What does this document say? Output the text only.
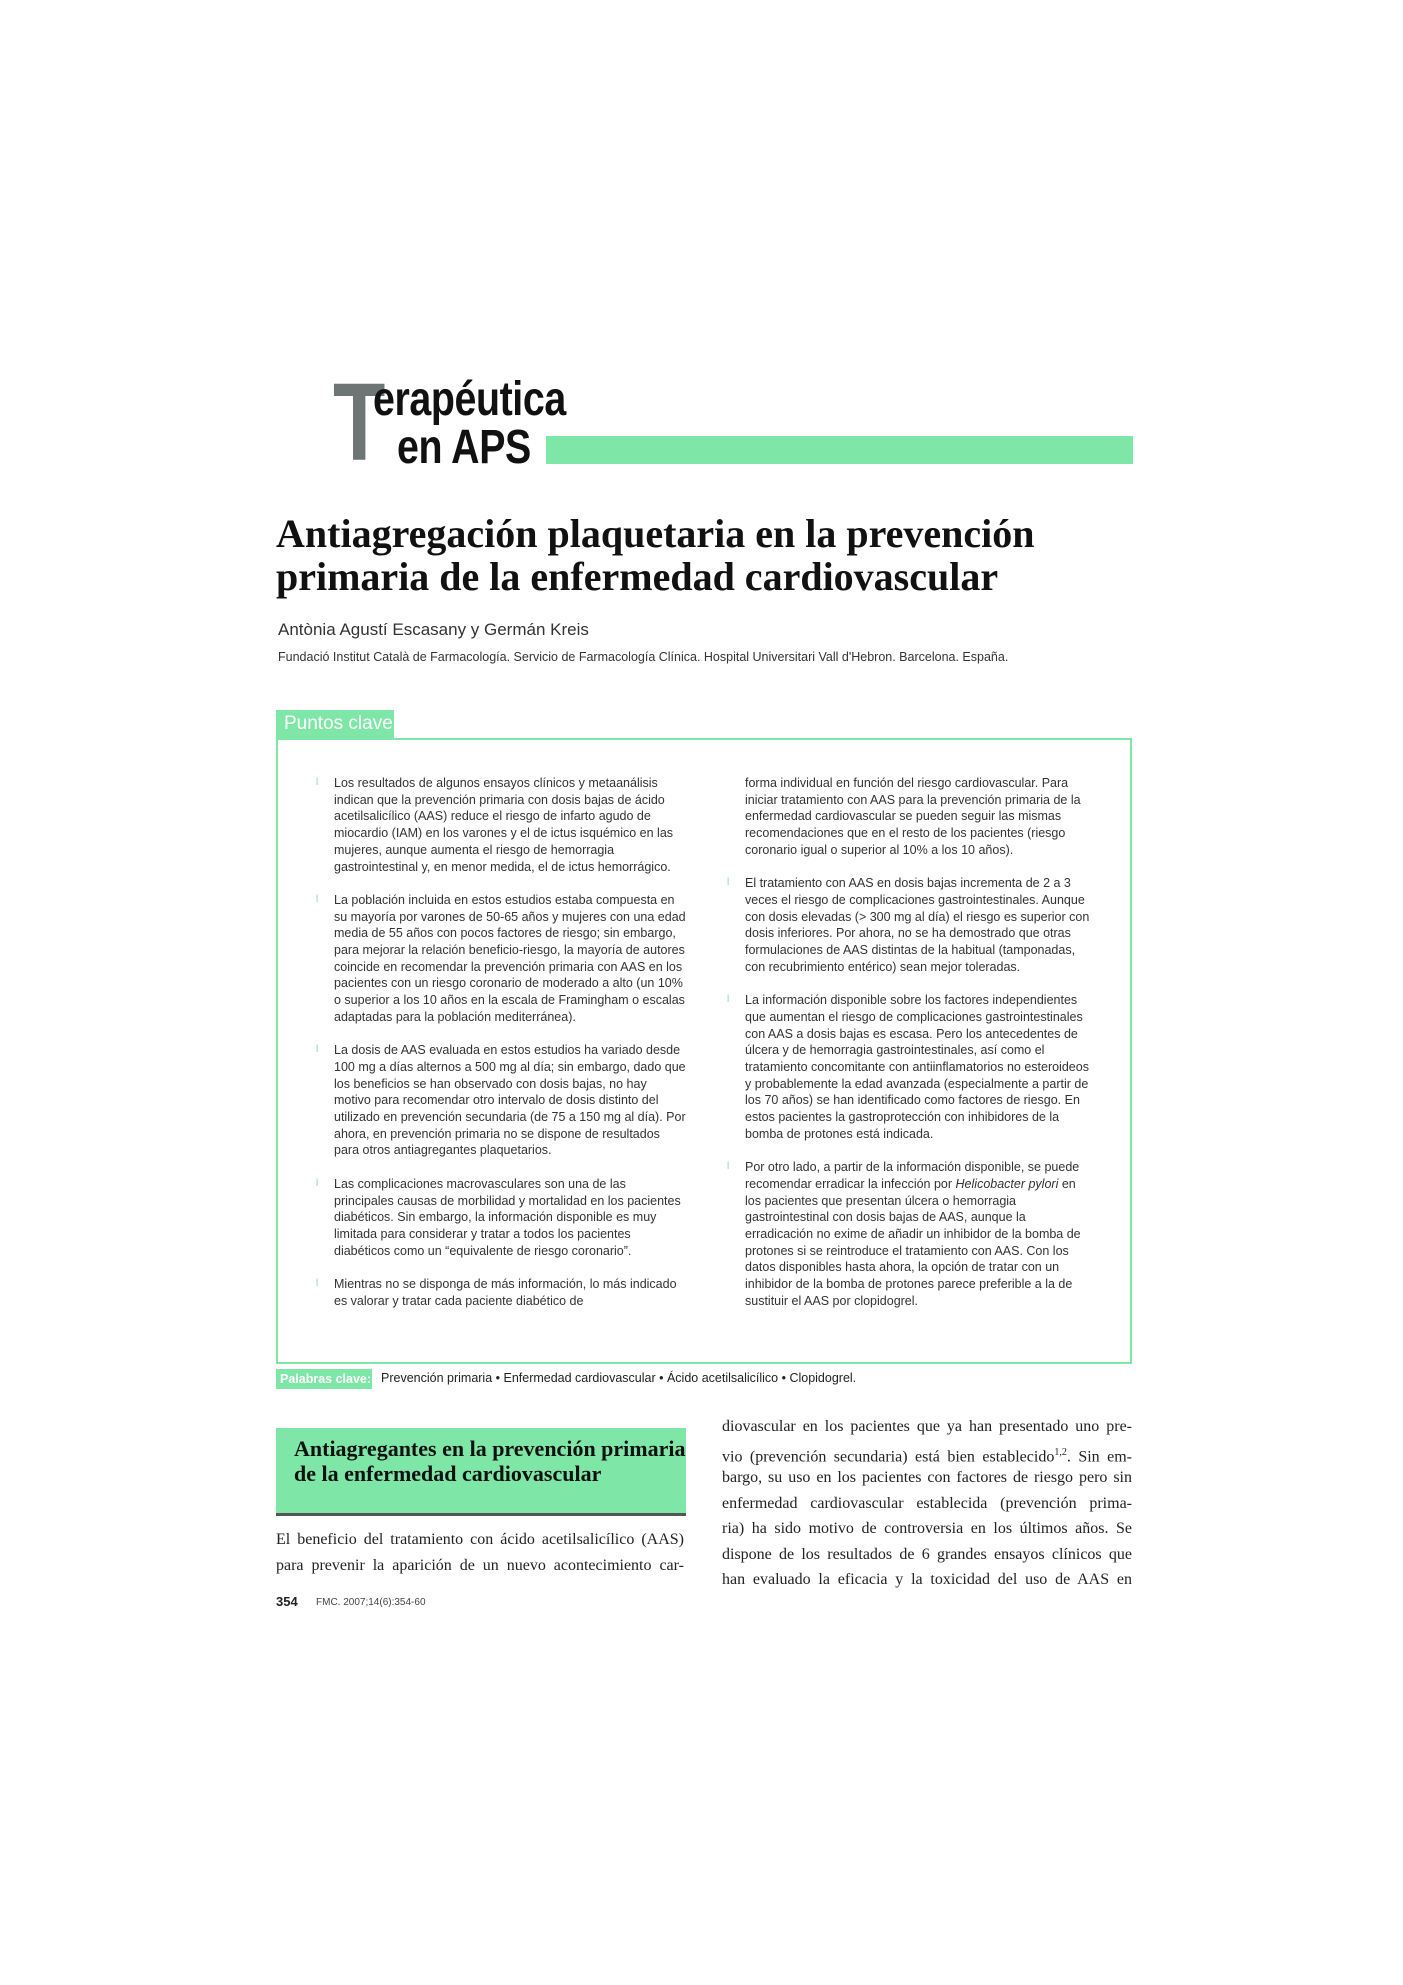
T
erapéutica
en APS
Antiagregación plaquetaria en la prevención primaria de la enfermedad cardiovascular
Antònia Agustí Escasany y Germán Kreis
Fundació Institut Català de Farmacología. Servicio de Farmacología Clínica. Hospital Universitari Vall d'Hebron. Barcelona. España.
Puntos clave
l Los resultados de algunos ensayos clínicos y metaanálisis indican que la prevención primaria con dosis bajas de ácido acetilsalicílico (AAS) reduce el riesgo de infarto agudo de miocardio (IAM) en los varones y el de ictus isquémico en las mujeres, aunque aumenta el riesgo de hemorragia gastrointestinal y, en menor medida, el de ictus hemorrágico.
l La población incluida en estos estudios estaba compuesta en su mayoría por varones de 50-65 años y mujeres con una edad media de 55 años con pocos factores de riesgo; sin embargo, para mejorar la relación beneficio-riesgo, la mayoría de autores coincide en recomendar la prevención primaria con AAS en los pacientes con un riesgo coronario de moderado a alto (un 10% o superior a los 10 años en la escala de Framingham o escalas adaptadas para la población mediterránea).
l La dosis de AAS evaluada en estos estudios ha variado desde 100 mg a días alternos a 500 mg al día; sin embargo, dado que los beneficios se han observado con dosis bajas, no hay motivo para recomendar otro intervalo de dosis distinto del utilizado en prevención secundaria (de 75 a 150 mg al día). Por ahora, en prevención primaria no se dispone de resultados para otros antiagregantes plaquetarios.
l Las complicaciones macrovasculares son una de las principales causas de morbilidad y mortalidad en los pacientes diabéticos. Sin embargo, la información disponible es muy limitada para considerar y tratar a todos los pacientes diabéticos como un “equivalente de riesgo coronario”.
l Mientras no se disponga de más información, lo más indicado es valorar y tratar cada paciente diabético de
forma individual en función del riesgo cardiovascular. Para iniciar tratamiento con AAS para la prevención primaria de la enfermedad cardiovascular se pueden seguir las mismas recomendaciones que en el resto de los pacientes (riesgo coronario igual o superior al 10% a los 10 años).
l El tratamiento con AAS en dosis bajas incrementa de 2 a 3 veces el riesgo de complicaciones gastrointestinales. Aunque con dosis elevadas (> 300 mg al día) el riesgo es superior con dosis inferiores. Por ahora, no se ha demostrado que otras formulaciones de AAS distintas de la habitual (tamponadas, con recubrimiento entérico) sean mejor toleradas.
l La información disponible sobre los factores independientes que aumentan el riesgo de complicaciones gastrointestinales con AAS a dosis bajas es escasa. Pero los antecedentes de úlcera y de hemorragia gastrointestinales, así como el tratamiento concomitante con antiinflamatorios no esteroideos y probablemente la edad avanzada (especialmente a partir de los 70 años) se han identificado como factores de riesgo. En estos pacientes la gastroprotección con inhibidores de la bomba de protones está indicada.
l Por otro lado, a partir de la información disponible, se puede recomendar erradicar la infección por Helicobacter pylori en los pacientes que presentan úlcera o hemorragia gastrointestinal con dosis bajas de AAS, aunque la erradicación no exime de añadir un inhibidor de la bomba de protones si se reintroduce el tratamiento con AAS. Con los datos disponibles hasta ahora, la opción de tratar con un inhibidor de la bomba de protones parece preferible a la de sustituir el AAS por clopidogrel.
Palabras clave: Prevención primaria • Enfermedad cardiovascular • Ácido acetilsalicílico • Clopidogrel.
Antiagregantes en la prevención primaria de la enfermedad cardiovascular
El beneficio del tratamiento con ácido acetilsalicílico (AAS)
para prevenir la aparición de un nuevo acontecimiento car-
diovascular en los pacientes que ya han presentado uno pre-
vio (prevención secundaria) está bien establecido$^{1,2}$. Sin em-
bargo, su uso en los pacientes con factores de riesgo pero sin
enfermedad cardiovascular establecida (prevención prima-
ria) ha sido motivo de controversia en los últimos años. Se
dispone de los resultados de 6 grandes ensayos clínicos que
han evaluado la eficacia y la toxicidad del uso de AAS en
354 FMC. 2007;14(6):354-60
